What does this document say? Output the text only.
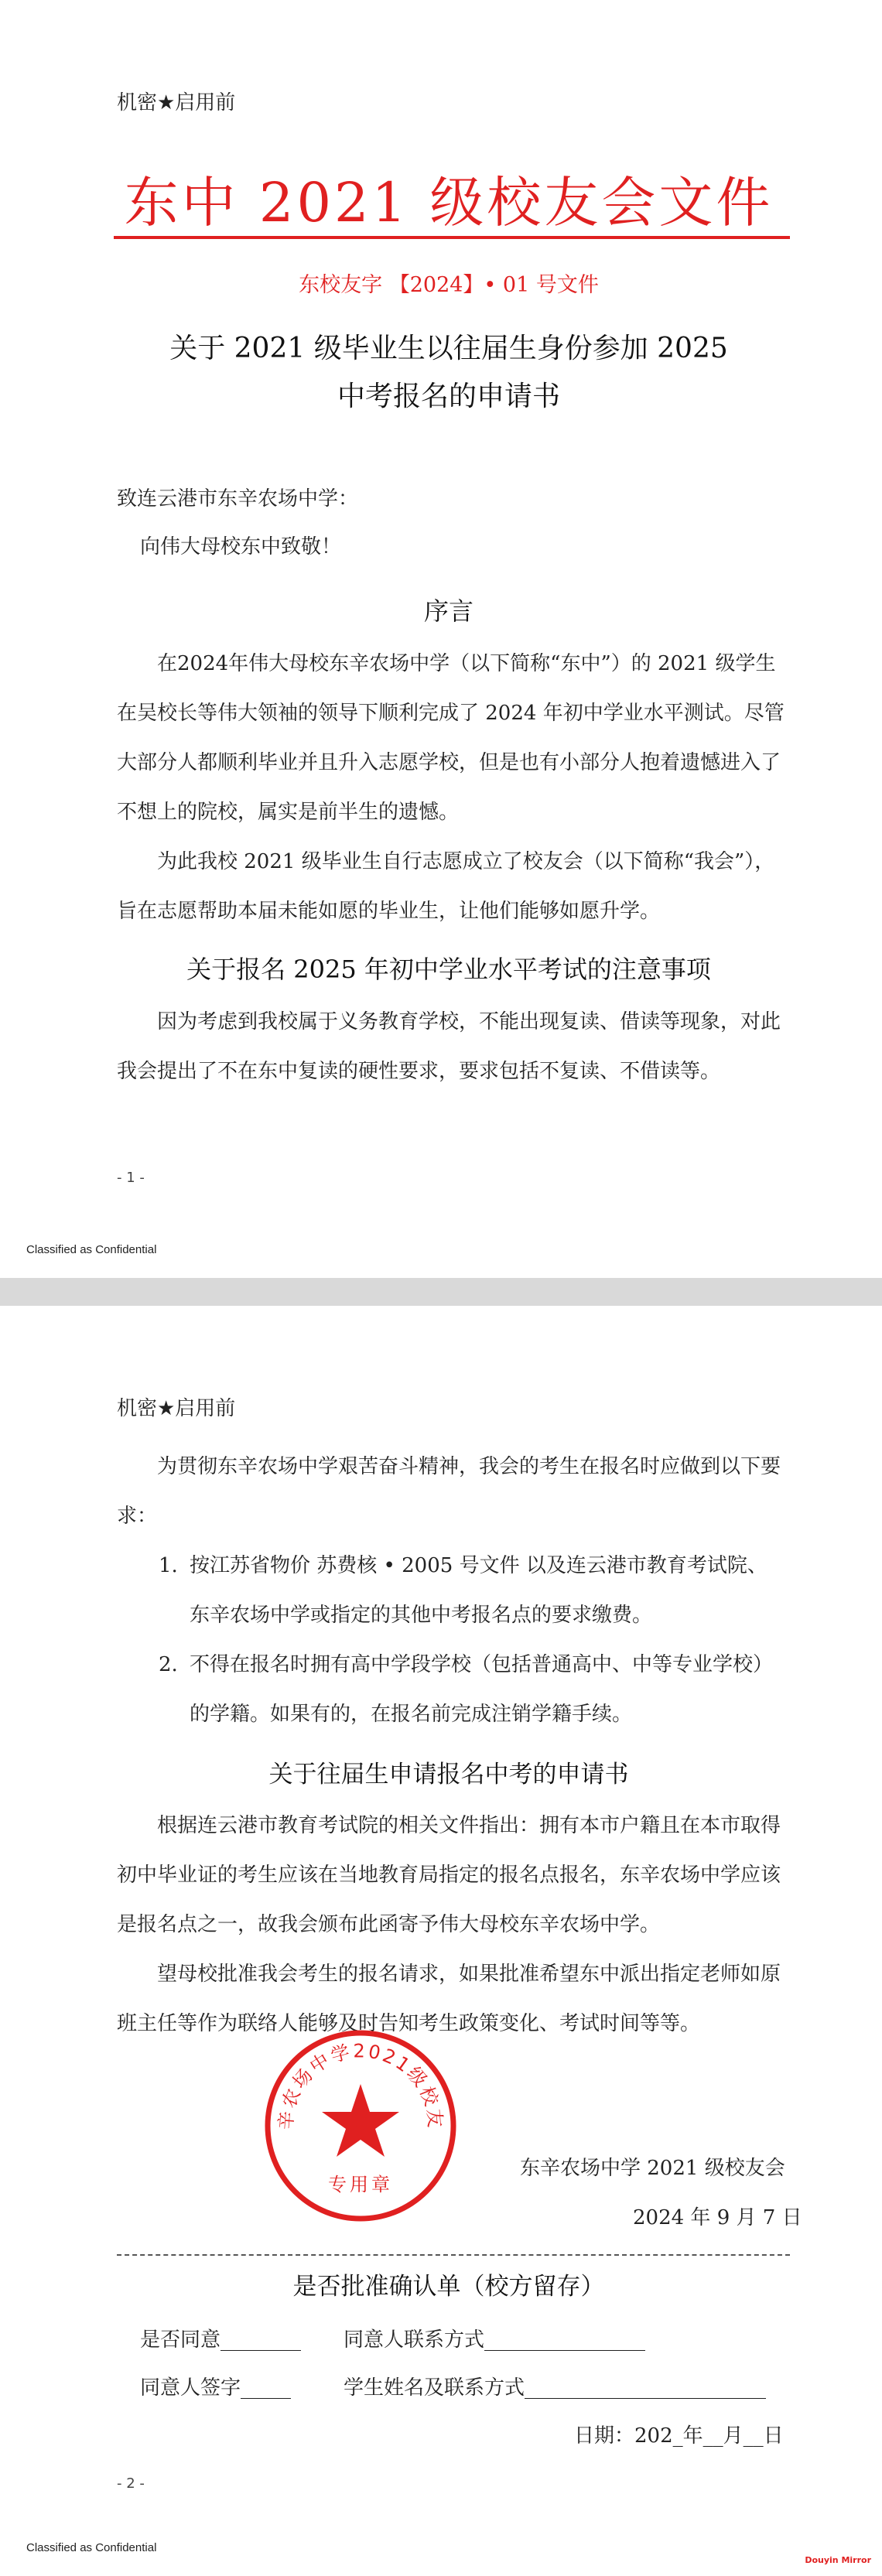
机密★启用前
东中 2021 级校友会文件
东校友字 【2024】• 01 号文件
关于 2021 级毕业生以往届生身份参加 2025
中考报名的申请书
致连云港市东辛农场中学：
向伟大母校东中致敬！
序言
在2024年伟大母校东辛农场中学（以下简称“东中”）的 2021 级学生在吴校长等伟大领袖的领导下顺利完成了 2024 年初中学业水平测试。尽管大部分人都顺利毕业并且升入志愿学校，但是也有小部分人抱着遗憾进入了不想上的院校，属实是前半生的遗憾。
为此我校 2021 级毕业生自行志愿成立了校友会（以下简称“我会”），旨在志愿帮助本届未能如愿的毕业生，让他们能够如愿升学。
关于报名 2025 年初中学业水平考试的注意事项
因为考虑到我校属于义务教育学校，不能出现复读、借读等现象，对此我会提出了不在东中复读的硬性要求，要求包括不复读、不借读等。
- 1 -
Classified as Confidential
机密★启用前
为贯彻东辛农场中学艰苦奋斗精神，我会的考生在报名时应做到以下要求：
1. 按江苏省物价 苏费核 • 2005 号文件 以及连云港市教育考试院、
东辛农场中学或指定的其他中考报名点的要求缴费。
2. 不得在报名时拥有高中学段学校（包括普通高中、中等专业学校）
的学籍。如果有的，在报名前完成注销学籍手续。
关于往届生申请报名中考的申请书
根据连云港市教育考试院的相关文件指出：拥有本市户籍且在本市取得初中毕业证的考生应该在当地教育局指定的报名点报名，东辛农场中学应该是报名点之一，故我会颁布此函寄予伟大母校东辛农场中学。
望母校批准我会考生的报名请求，如果批准希望东中派出指定老师如原班主任等作为联络人能够及时告知考生政策变化、考试时间等等。
辛农场中学2021级校友
专用章
东辛农场中学 2021 级校友会
2024 年 9 月 7 日
是否批准确认单（校方留存）
是否同意________ 同意人联系方式________________
同意人签字_____	学生姓名及联系方式________________________
日期：202_年__月__日
- 2 -
Classified as Confidential
Douyin Mirror
